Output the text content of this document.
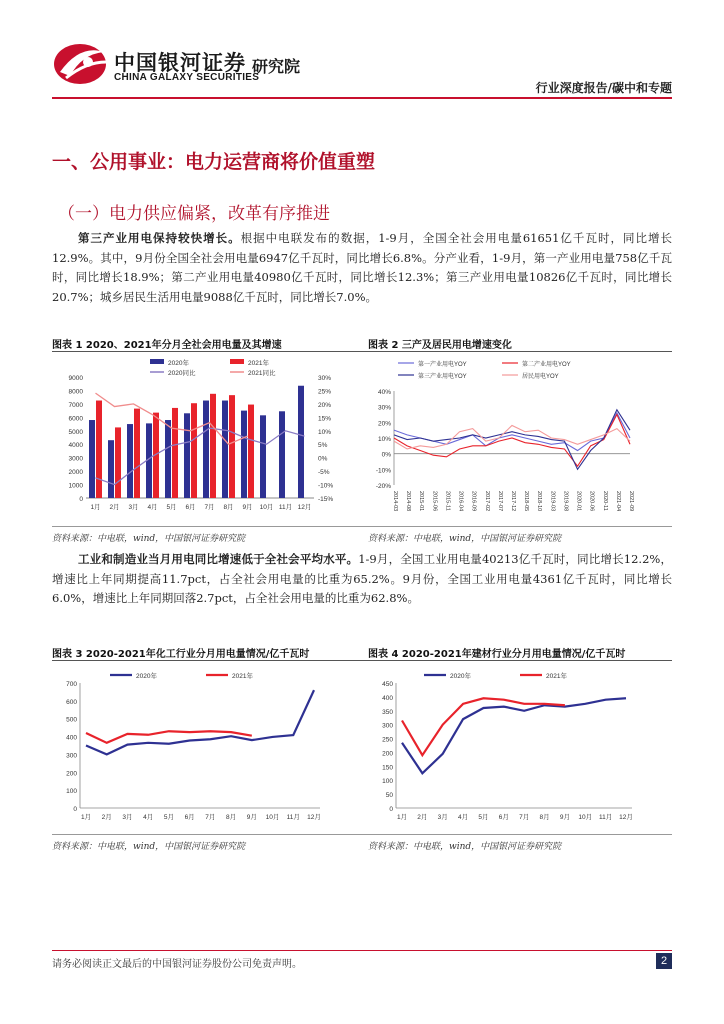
中国银河证券
CHINA GALAXY SECURITIES
研究院
行业深度报告/碳中和专题
一、公用事业：电力运营商将价值重塑
（一）电力供应偏紧，改革有序推进
第三产业用电保持较快增长。根据中电联发布的数据，1-9月，全国全社会用电量61651亿千瓦时，同比增长12.9%。其中，9月份全国全社会用电量6947亿千瓦时，同比增长6.8%。分产业看，1-9月，第一产业用电量758亿千瓦时，同比增长18.9%；第二产业用电量40980亿千瓦时，同比增长12.3%；第三产业用电量10826亿千瓦时，同比增长20.7%；城乡居民生活用电量9088亿千瓦时，同比增长7.0%。
图表 1 2020、2021年分月全社会用电量及其增速	图表 2 三产及居民用电增速变化
0
1000
2000
3000
4000
5000
6000
7000
8000
9000
-15%
-10%
-5%
0%
5%
10%
15%
20%
25%
30%
1月 2月 3月 4月 5月 6月 7月 8月 9月 10月 11月 12月
2020年	2021年
2020同比	2021同比
-20%
-10%
0%
10%
20%
30%
40%
2014-03 2014-08 2015-01 2015-06 2015-11 2016-04 2016-09 2017-02 2017-07 2017-12 2018-05 2018-10 2019-03 2019-08 2020-01 2020-06 2020-11 2021-04 2021-09
第一产业用电YOY	第二产业用电YOY
第三产业用电YOY	居民用电YOY
资料来源：中电联，wind，中国银河证券研究院	资料来源：中电联，wind，中国银河证券研究院
工业和制造业当月用电同比增速低于全社会平均水平。1-9月，全国工业用电量40213亿千瓦时，同比增长12.2%，增速比上年同期提高11.7pct，占全社会用电量的比重为65.2%。9月份，全国工业用电量4361亿千瓦时，同比增长6.0%，增速比上年同期回落2.7pct，占全社会用电量的比重为62.8%。
图表 3 2020-2021年化工行业分月用电量情况/亿千瓦时	图表 4 2020-2021年建材行业分月用电量情况/亿千瓦时
0
100
200
300
400
500
600
700
1月 2月 3月 4月 5月 6月 7月 8月 9月 10月 11月 12月
2020年	2021年
0
50
100
150
200
250
300
350
400
450
1月 2月 3月 4月 5月 6月 7月 8月 9月 10月 11月 12月
2020年	2021年
资料来源：中电联，wind，中国银河证券研究院	资料来源：中电联，wind，中国银河证券研究院
请务必阅读正文最后的中国银河证券股份公司免责声明。	2
